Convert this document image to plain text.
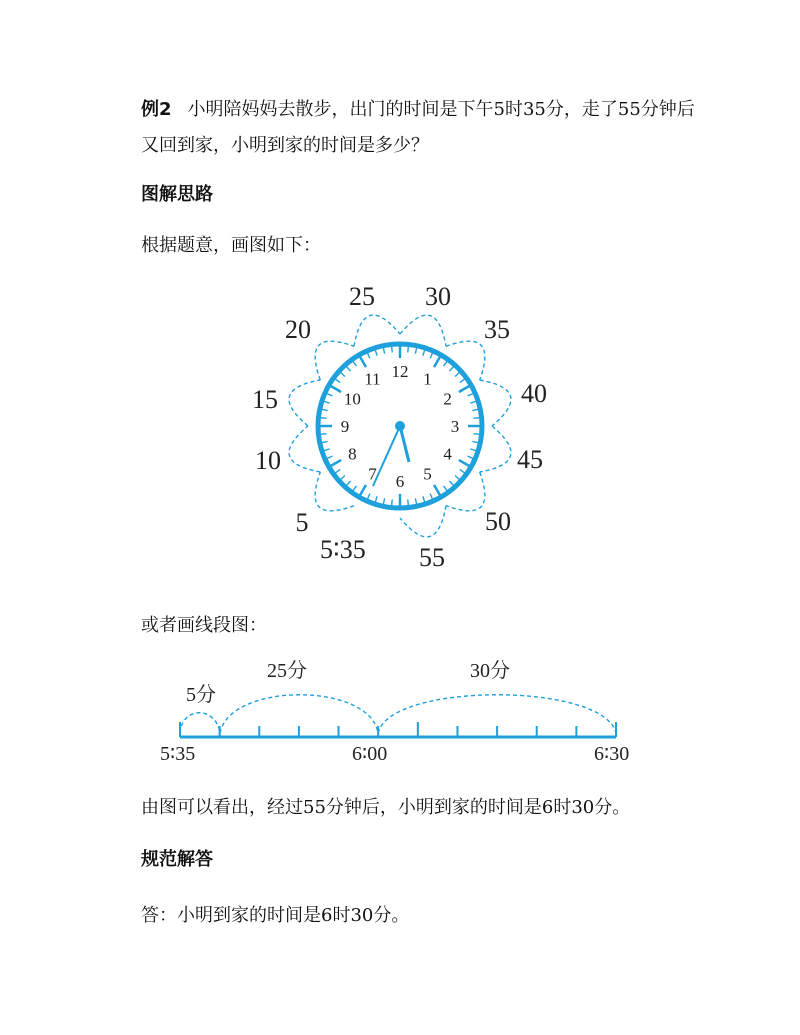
例2 小明陪妈妈去散步，出门的时间是下午5时35分，走了55分钟后又回到家，小明到家的时间是多少？
图解思路
根据题意，画图如下：
12 1
2
3
4
5
6
7
8
9
10
11
5
10
15
20
25 30
35
40
45
50
55
5∶35
5分
25分	30分
5∶35	6∶00	6∶30
或者画线段图：
由图可以看出，经过55分钟后，小明到家的时间是6时30分。
规范解答
答：小明到家的时间是6时30分。
